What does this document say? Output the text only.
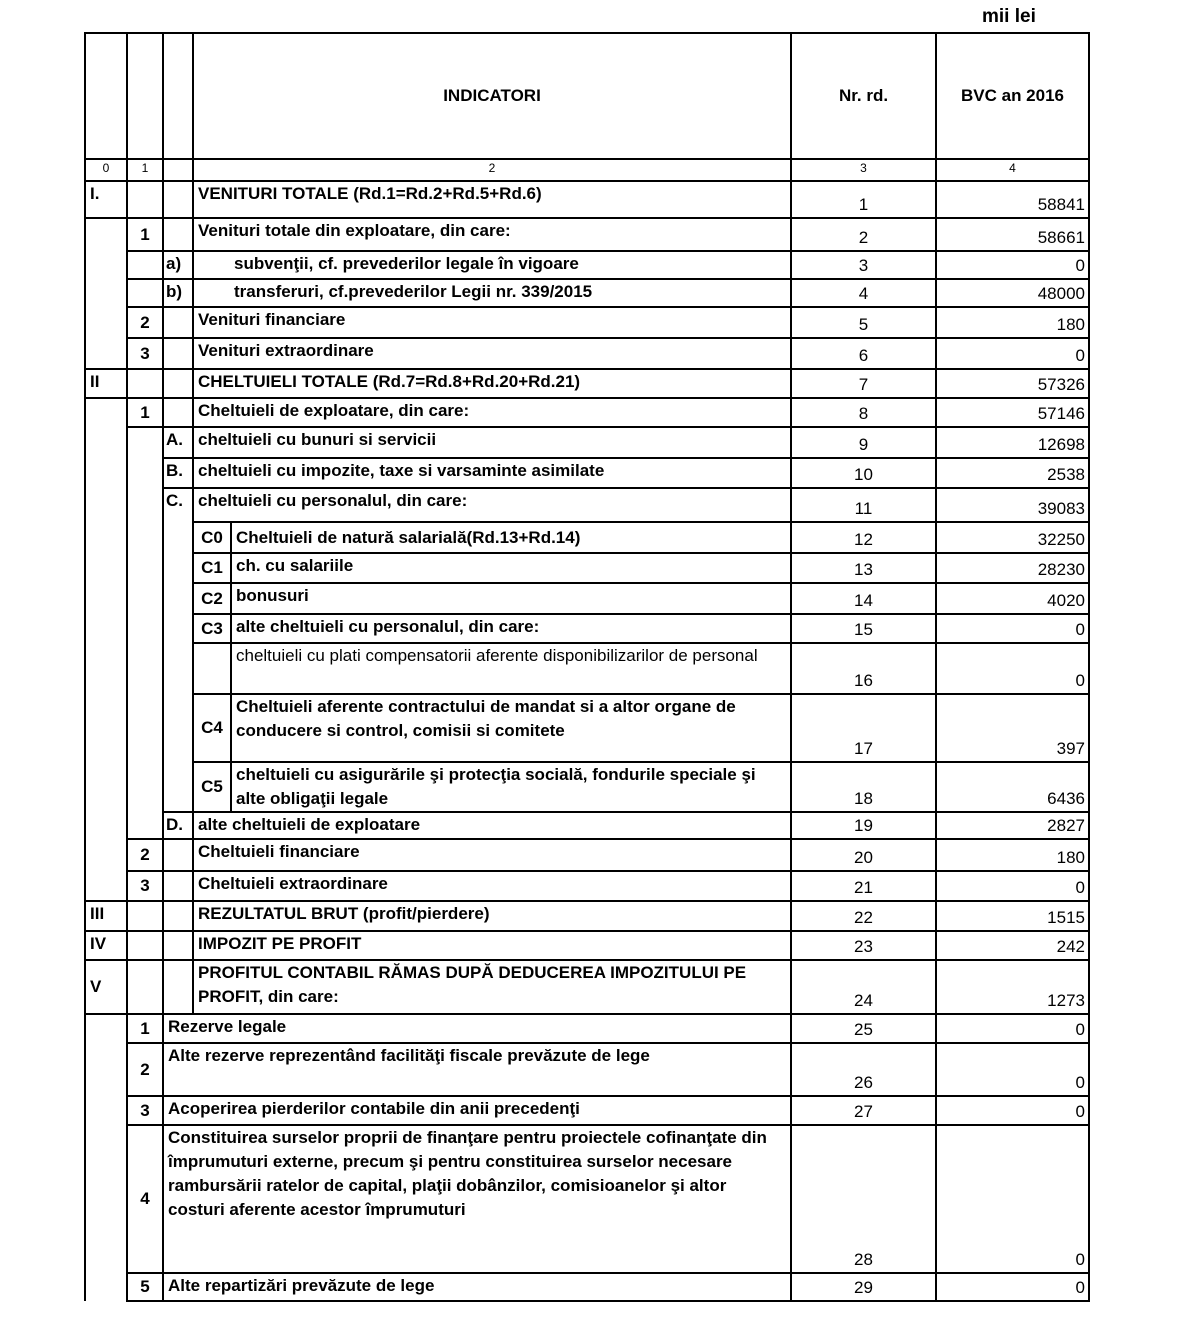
mii lei
			INDICATORI		Nr. rd.	BVC an 2016
0	1		2		3	4
I.			VENITURI TOTALE (Rd.1=Rd.2+Rd.5+Rd.6)		1	58841
	1		Venituri totale din exploatare, din care:		2	58661
		a)	subvenţii, cf. prevederilor legale în vigoare		3	0
		b)	transferuri, cf.prevederilor Legii nr. 339/2015		4	48000
	2		Venituri financiare		5	180
	3		Venituri extraordinare		6	0
II			CHELTUIELI TOTALE (Rd.7=Rd.8+Rd.20+Rd.21)		7	57326
	1		Cheltuieli de exploatare, din care:		8	57146
		A.	cheltuieli cu bunuri si servicii		9	12698
		B.	cheltuieli cu impozite, taxe si varsaminte asimilate		10	2538
		C.	cheltuieli cu personalul, din care:		11	39083
			C0	Cheltuieli de natură salarială(Rd.13+Rd.14)	12	32250
			C1	ch. cu salariile	13	28230
			C2	bonusuri	14	4020
			C3	alte cheltuieli cu personalul, din care:	15	0
				cheltuieli cu plati compensatorii aferente disponibilizarilor de personal	16	0
			C4	Cheltuieli aferente contractului de mandat si a altor organe de conducere si control, comisii si comitete	17	397
			C5	cheltuieli cu asigurările şi protecţia socială, fondurile speciale şi alte obligaţii legale	18	6436
		D.	alte cheltuieli de exploatare		19	2827
	2		Cheltuieli financiare		20	180
	3		Cheltuieli extraordinare		21	0
III			REZULTATUL BRUT (profit/pierdere)		22	1515
IV			IMPOZIT PE PROFIT		23	242
V			PROFITUL CONTABIL RĂMAS DUPĂ DEDUCEREA IMPOZITULUI PE PROFIT, din care:		24	1273
	1	Rezerve legale			25	0
	2	Alte rezerve reprezentând facilităţi fiscale prevăzute de lege			26	0
	3	Acoperirea pierderilor contabile din anii precedenţi			27	0
	4	Constituirea surselor proprii de finanţare pentru proiectele cofinanţate din împrumuturi externe, precum şi pentru constituirea surselor necesare rambursării ratelor de capital, plaţii dobânzilor, comisioanelor şi altor costuri aferente acestor împrumuturi			28	0
	5	Alte repartizări prevăzute de lege			29	0
